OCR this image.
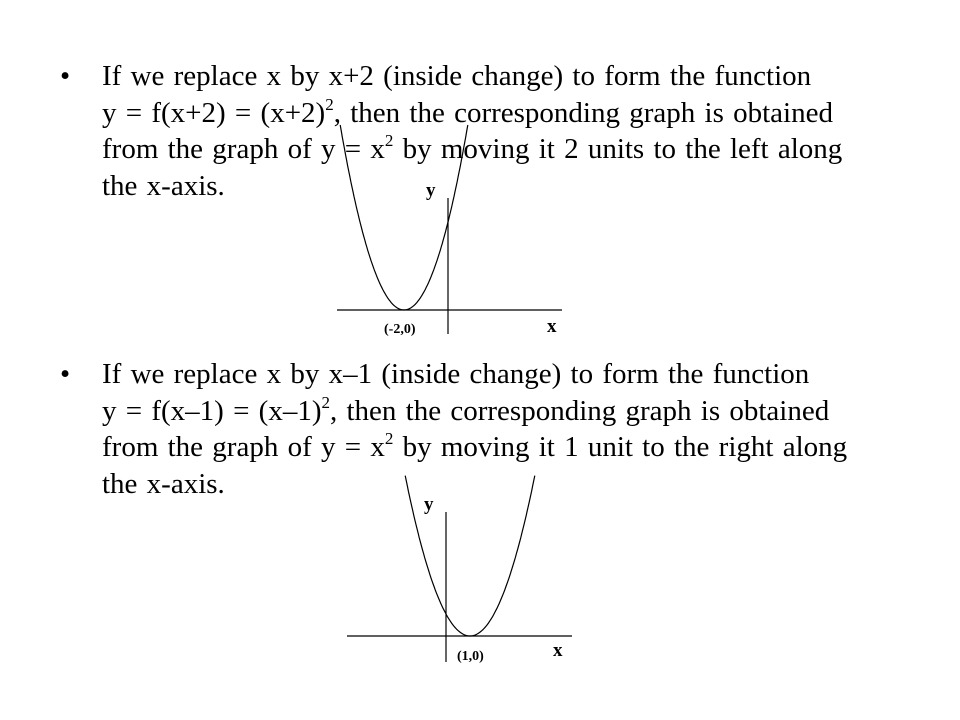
•	If we replace x by x+2 (inside change) to form the function
$y = f(x+2) = (x+2)^2$, then the corresponding graph is obtained
from the graph of $y = x^2$ by moving it 2 units to the left along
the x-axis.	y
x
(-2,0)
•	If we replace x by x–1 (inside change) to form the function
$y = f(x-1) = (x-1)^2$, then the corresponding graph is obtained
from the graph of $y = x^2$ by moving it 1 unit to the right along
the x-axis.
y
x
(1,0)
